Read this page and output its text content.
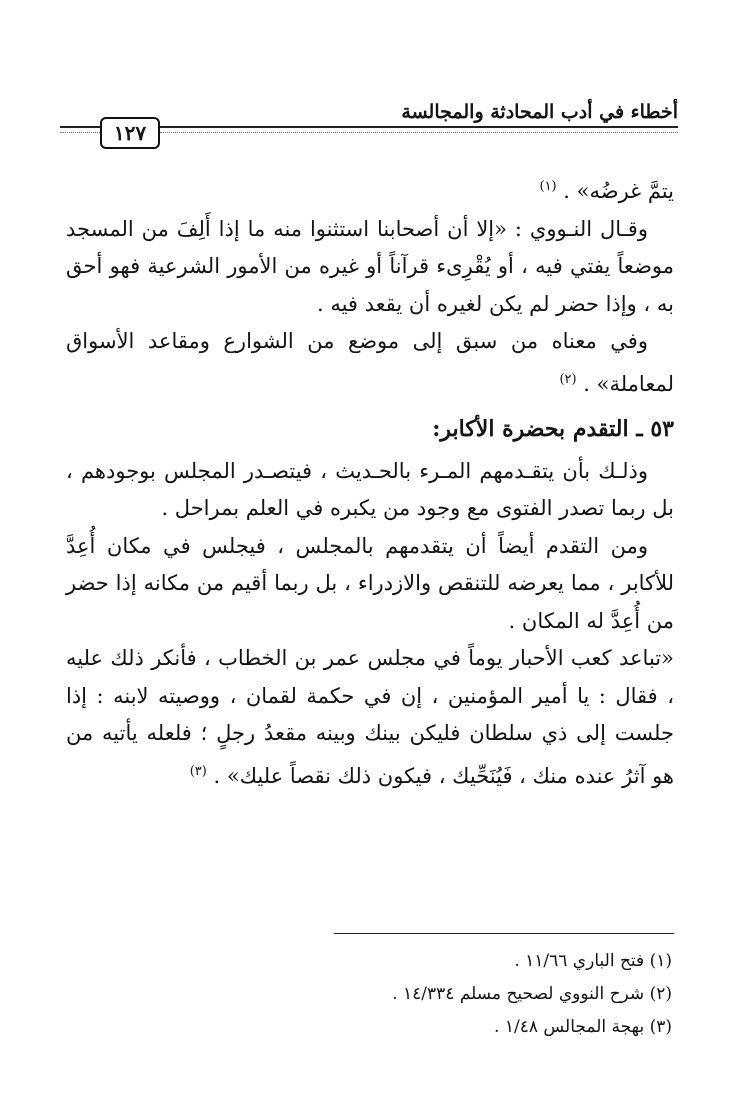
أخطاء في أدب المحادثة والمجالسة
١٢٧

يتمَّ غرضُه» . $^{(١)}$

وقـال النـووي : «إلا أن أصحابنا استثنوا منه ما إذا أَلِفَ من المسجد موضعاً يفتي فيه ، أو يُقْرِىء قرآناً أو غيره من الأمور الشرعية فهو أحق به ، وإذا حضر لم يكن لغيره أن يقعد فيه .

وفي معناه من سبق إلى موضع من الشوارع ومقاعد الأسواق لمعاملة» . $^{(٢)}$

٥٣ ـ التقدم بحضرة الأكابر:

وذلـك بأن يتقـدمهم المـرء بالحـديث ، فيتصـدر المجلس بوجودهم ، بل ربما تصدر الفتوى مع وجود من يكبره في العلم بمراحل .

ومن التقدم أيضاً أن يتقدمهم بالمجلس ، فيجلس في مكان أُعِدَّ للأكابر ، مما يعرضه للتنقص والازدراء ، بل ربما أقيم من مكانه إذا حضر من أُعِدَّ له المكان .

«تباعد كعب الأحبار يوماً في مجلس عمر بن الخطاب ، فأنكر ذلك عليه ، فقال : يا أمير المؤمنين ، إن في حكمة لقمان ، ووصيته لابنه : إذا جلست إلى ذي سلطان فليكن بينك وبينه مقعدُ رجلٍ ؛ فلعله يأتيه من هو آثرُ عنده منك ، فَيُنَحِّيك ، فيكون ذلك نقصاً عليك» . $^{(٣)}$

(١) فتح الباري ١١/٦٦ .
(٢) شرح النووي لصحيح مسلم ١٤/٣٣٤ .
(٣) بهجة المجالس ١/٤٨ .
